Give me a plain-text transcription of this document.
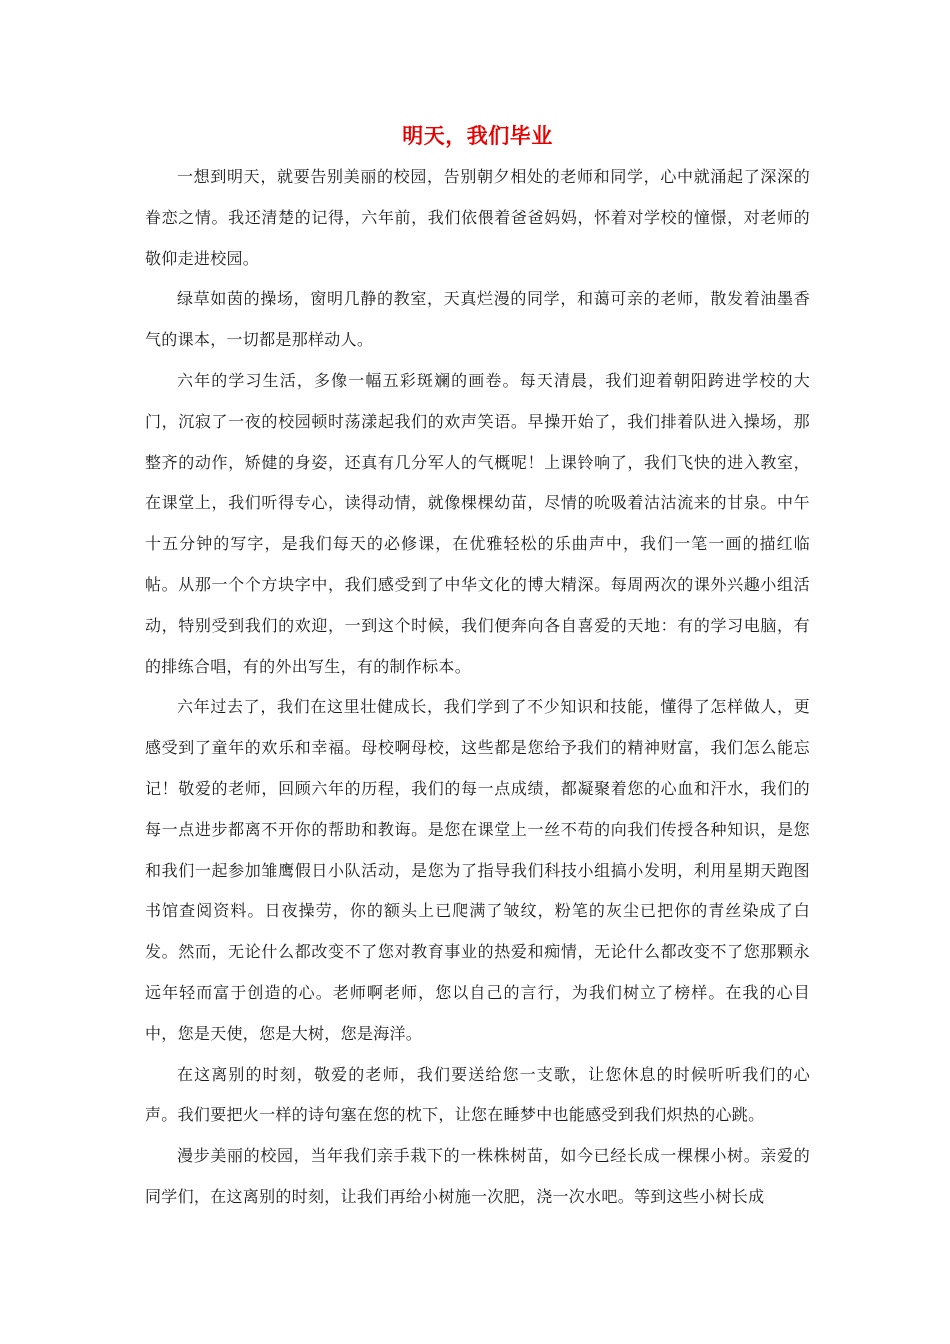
明天，我们毕业

一想到明天，就要告别美丽的校园，告别朝夕相处的老师和同学，心中就涌起了深深的眷恋之情。我还清楚的记得，六年前，我们依偎着爸爸妈妈，怀着对学校的憧憬，对老师的敬仰走进校园。

绿草如茵的操场，窗明几静的教室，天真烂漫的同学，和蔼可亲的老师，散发着油墨香气的课本，一切都是那样动人。

六年的学习生活，多像一幅五彩斑斓的画卷。每天清晨，我们迎着朝阳跨进学校的大门，沉寂了一夜的校园顿时荡漾起我们的欢声笑语。早操开始了，我们排着队进入操场，那整齐的动作，矫健的身姿，还真有几分军人的气概呢！上课铃响了，我们飞快的进入教室，在课堂上，我们听得专心，读得动情，就像棵棵幼苗，尽情的吮吸着沽沽流来的甘泉。中午十五分钟的写字，是我们每天的必修课，在优雅轻松的乐曲声中，我们一笔一画的描红临帖。从那一个个方块字中，我们感受到了中华文化的博大精深。每周两次的课外兴趣小组活动，特别受到我们的欢迎，一到这个时候，我们便奔向各自喜爱的天地：有的学习电脑，有的排练合唱，有的外出写生，有的制作标本。

六年过去了，我们在这里壮健成长，我们学到了不少知识和技能，懂得了怎样做人，更感受到了童年的欢乐和幸福。母校啊母校，这些都是您给予我们的精神财富，我们怎么能忘记！敬爱的老师，回顾六年的历程，我们的每一点成绩，都凝聚着您的心血和汗水，我们的每一点进步都离不开你的帮助和教诲。是您在课堂上一丝不苟的向我们传授各种知识，是您和我们一起参加雏鹰假日小队活动，是您为了指导我们科技小组搞小发明，利用星期天跑图书馆查阅资料。日夜操劳，你的额头上已爬满了皱纹，粉笔的灰尘已把你的青丝染成了白发。然而，无论什么都改变不了您对教育事业的热爱和痴情，无论什么都改变不了您那颗永远年轻而富于创造的心。老师啊老师，您以自己的言行，为我们树立了榜样。在我的心目中，您是天使，您是大树，您是海洋。

在这离别的时刻，敬爱的老师，我们要送给您一支歌，让您休息的时候听听我们的心声。我们要把火一样的诗句塞在您的枕下，让您在睡梦中也能感受到我们炽热的心跳。

漫步美丽的校园，当年我们亲手栽下的一株株树苗，如今已经长成一棵棵小树。亲爱的同学们，在这离别的时刻，让我们再给小树施一次肥，浇一次水吧。等到这些小树长成
